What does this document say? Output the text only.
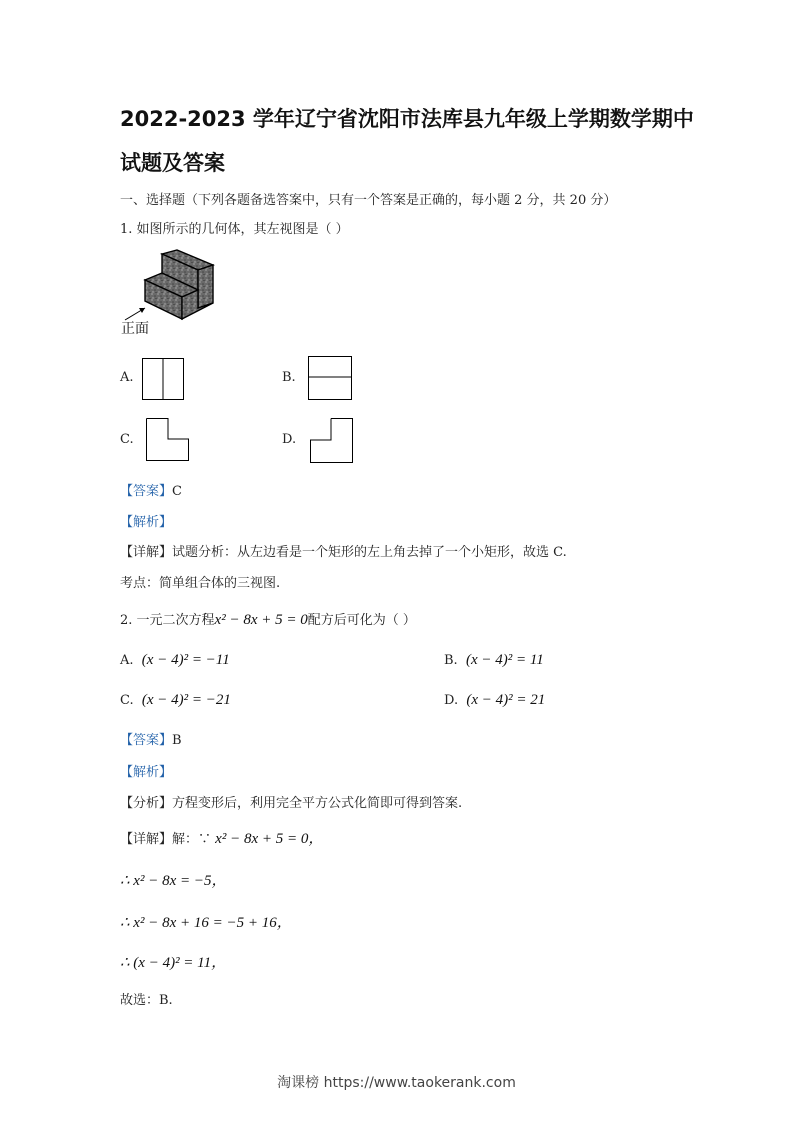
2022-2023 学年辽宁省沈阳市法库县九年级上学期数学期中
试题及答案
一、选择题（下列各题备选答案中，只有一个答案是正确的，每小题 2 分，共 20 分）
1. 如图所示的几何体，其左视图是（ ）
正面
A.	B.
C.	D.
【答案】C
【解析】
【详解】试题分析：从左边看是一个矩形的左上角去掉了一个小矩形，故选 C.
考点：简单组合体的三视图.
2. 一元二次方程x² − 8x + 5 = 0配方后可化为（ ）
A. (x − 4)² = −11	B. (x − 4)² = 11
C. (x − 4)² = −21	D. (x − 4)² = 21
【答案】B
【解析】
【分析】方程变形后，利用完全平方公式化简即可得到答案.
【详解】解：∵ x² − 8x + 5 = 0，
∴ x² − 8x = −5，
∴ x² − 8x + 16 = −5 + 16，
∴ (x − 4)² = 11，
故选：B.
淘课榜 https://www.taokerank.com
